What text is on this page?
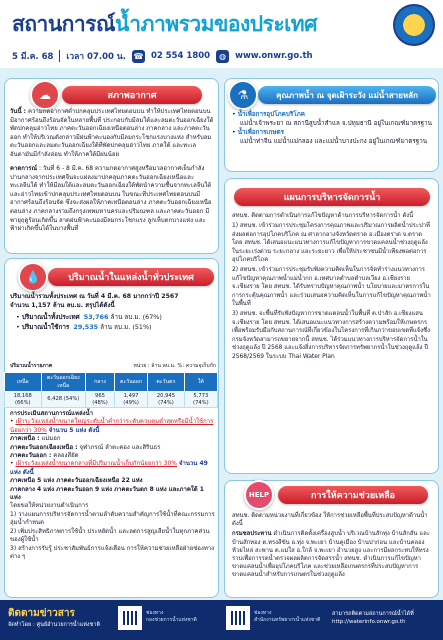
สถานการณ์น้ำภาพรวมของประเทศ
5 มี.ค. 68 เวลา 07.00 น. ☎ 02 554 1800	◍	www.onwr.go.th
☁	สภาพอากาศ
วันนี้ : ความกดอากาศต่ำปกคลุมประเทศไทยตอนบน ทำให้ประเทศไทยตอนบนมีอากาศร้อนถึงร้อนจัดในหลายพื้นที่ ประกอบกับมีลมใต้และลมตะวันออกเฉียงใต้พัดปกคลุมอ่าวไทย ภาคตะวันออกเฉียงเหนือตอนล่าง ภาคกลาง และภาคตะวันออก ทำให้บริเวณดังกล่าวมีฝนฟ้าคะนองกับมีลมกระโชกแรงบางแห่ง สำหรับลมตะวันออกและลมตะวันออกเฉียงใต้ที่พัดปกคลุมอ่าวไทย ภาคใต้ และทะเลอันดามันมีกำลังอ่อน ทำให้ภาคใต้มีฝนน้อย
คาดการณ์ : วันที่ 6 - 8 มี.ค. 68 ความกดอากาศสูงหรือมวลอากาศเย็นกำลังปานกลางจากประเทศจีนจะแผ่ลงมาปกคลุมภาคตะวันออกเฉียงเหนือและทะเลจีนใต้ ทำให้มีลมใต้และลมตะวันออกเฉียงใต้พัดนำความชื้นจากทะเลจีนใต้และอ่าวไทยเข้าปกคลุมประเทศไทยตอนบน ในขณะที่ประเทศไทยตอนบนมีอากาศร้อนถึงร้อนจัด ซึ่งจะส่งผลให้ภาคเหนือตอนล่าง ภาคตะวันออกเฉียงเหนือตอนล่าง ภาคกลางรวมถึงกรุงเทพมหานครและปริมณฑล และภาคตะวันออก มีพายุฤดูร้อนเกิดขึ้น ลาดฝนฟ้าคะนองมีลมกระโชกแรง ลูกเห็บตกบางแห่ง และฟ้าผ่าเกิดขึ้นได้ในบางพื้นที่
💧	ปริมาณน้ำในแหล่งน้ำทั่วประเทศ
ปริมาณน้ำรวมทั้งประเทศ ณ วันที่ 4 มี.ค. 68 มากกว่าปี 2567
จำนวน 1,157 ล้าน ลบ.ม. สรุปได้ดังนี้
• ปริมาณน้ำทั้งประเทศ 53,766 ล้าน ลบ.ม. (67%)
• ปริมาณน้ำใช้การ 29,535 ล้าน ลบ.ม. (51%)
ปริมาณน้ำรายภาค	หน่วย : ล้าน ลบ.ม. %: ความจุเก็บกัก
เหนือ	ตะวันออกเฉียงเหนือ	กลาง	ตะวันออก	ตะวันตก	ใต้
18,168 (66%)	6,428 (54%)	965 (48%)	1,497 (49%)	20,945 (74%)	5,773 (74%)
การประเมินสถานการณ์แหล่งน้ำ
• เฝ้าระวังแหล่งน้ำขนาดใหญ่ระดับน้ำต่ำกว่าระดับควบคุมต่ำสุดหรือมีน้ำใช้การน้อยกว่า 30% จำนวน 5 แห่ง ดังนี้
ภาคเหนือ : แม่มอก
ภาคตะวันออกเฉียงเหนือ : จุฬาภรณ์ ลำตะคอง และสิรินธร
ภาคตะวันออก : คลองสียัด
• เฝ้าระวังแหล่งน้ำขนาดกลางที่มีปริมาณน้ำเก็บกักน้อยกว่า 30% จำนวน 49 แห่ง ดังนี้
ภาคเหนือ 5 แห่ง ภาคตะวันออกเฉียงเหนือ 22 แห่ง
ภาคกลาง 4 แห่ง ภาคตะวันออก 9 แห่ง ภาคตะวันตก 8 แห่ง และภาคใต้ 1 แห่ง
โดยขอให้หน่วยงานดำเนินการ
1) วางแผนการบริหารจัดการน้ำตามลำดับความสำคัญการใช้น้ำที่คณะกรรมการลุ่มน้ำกำหนด
2) เพิ่มประสิทธิภาพการใช้น้ำ ประหยัดน้ำ และลดการสูญเสียน้ำในทุกภาคส่วนของผู้ใช้น้ำ
3) สร้างการรับรู้ ประชาสัมพันธ์การแจ้งเตือน การให้ความช่วยเหลือฝ่ายช่องทางต่าง ๆ
⚗	คุณภาพน้ำ ณ จุดเฝ้าระวัง แม่น้ำสายหลัก
• น้ำเพื่อการอุปโภคบริโภค
แม่น้ำเจ้าพระยา ณ สถานีสูบน้ำสำแล จ.ปทุมธานี อยู่ในเกณฑ์มาตรฐาน
• น้ำเพื่อการเกษตร
แม่น้ำท่าจีน แม่น้ำแม่กลอง และแม่น้ำบางปะกง อยู่ในเกณฑ์มาตรฐาน
แผนการบริหารจัดการน้ำ
สทนช. ติดตามการดำเนินการแก้ไขปัญหาด้านการบริหารจัดการน้ำ ดังนี้
1) สทนช. เข้าร่วมการประชุมโครงการคุณภาพและปริมาณการผลิตน้ำประปาที่ส่งผลต่อการอุปโภคบริโภค ณ ศาลากลางจังหวัดตราด อ.เมืองตราด จ.ตราด โดย สทนช. ได้เสนอแนะแนวทางการแก้ไขปัญหาการขาดแคลนน้ำช่วงฤดูแล้งในระยะเร่งด่วน ระยะกลาง และระยะยาว เพื่อให้ประชาชนมีน้ำเพียงพอต่อการอุปโภคบริโภค
2) สทนช. เข้าร่วมการประชุมรับฟังความคิดเห็นในการจัดทำร่างแนวทางการแก้ไขปัญหาคุณภาพน้ำแม่น้ำกก อ.เทศบาลตำบลตำบลเวียง อ.เชียงราย จ.เชียงราย โดย สทนช. ได้รับทราบปัญหาคุณภาพน้ำ นโยบายและมาตรการในการกระตุ้นคุณภาพน้ำ และร่วมเสนอความคิดเห็นในการแก้ไขปัญหาคุณภาพน้ำในพื้นที่
3) สทนช. จะพื้นที่รับฟังปัญหาการขาดแคลนน้ำในพื้นที่ ต.ป่าสัก อ.เชียงแสน จ.เชียงราย โดย สทนช. ได้เสนอแนะแนวทางการสร้างความพร้อมให้เกษตรกรเพื่อพร้อมรับมือกับสถานการณ์ที่เกี่ยวข้องในโครงการที่เกินกว่าขอบเขตที่แจ้งซึ่งกรมจังหวัดสามารถขยายจากนี้ สทนช. ได้ร่วมแนวทางการบริหารจัดการน้ำในช่วงฤดูแล้ง ปี 2568 และแจ้งสิ่งการบริหารจัดการทรัพยากรน้ำในช่วงฤดูแล้ง ปี 2568/2569 ในระบบ Thai Water Plan
HELP	การให้ความช่วยเหลือ
สทนช. ติดตามหน่วยงานที่เกี่ยวข้อง ให้การช่วยเหลือพื้นที่ประสบปัญหาด้านน้ำ ดังนี้
กรมชลประทาน ดำเนินการติดตั้งเครื่องสูบน้ำ บริเวณบ้านสักทุ่ง บ้านสักสัน และบ้านสักทอง ต.ทรงสีขัน อ.ทุ่ง จ.พะเยา บ้านคูเมือง บ้านปาก่อน และบ้านคลองห้วยไหล่ สะพาน ต.แม่ใส อ.ใกล้ จ.พะเยา อำนวยสูง และการมีผลกระทบให้ทรงราบเพื่อการรดน้ำตรวจผลผลิตการจัดสรรน้ำ สทนช. ดำเนินการแก้ไขปัญหาขาดแคลนน้ำเพื่ออุปโภคบริโภค และช่วยเหลือเกษตรกรที่ประสบปัญหาการขาดแคลนน้ำสำหรับการเกษตรในช่วงฤดูแล้ง
ติดตามข่าวสาร
จัดทำโดย : ศูนย์อำนวยการน้ำแห่งชาติ
ช่องทาง
กองช่วยการน้ำแห่งชาติ
ช่องทาง
สำนักงานทรัพยากรน้ำแห่งชาติ
สามารถติดตามสถานการณ์น้ำได้ที่
http://waterinfo.onwr.go.th
